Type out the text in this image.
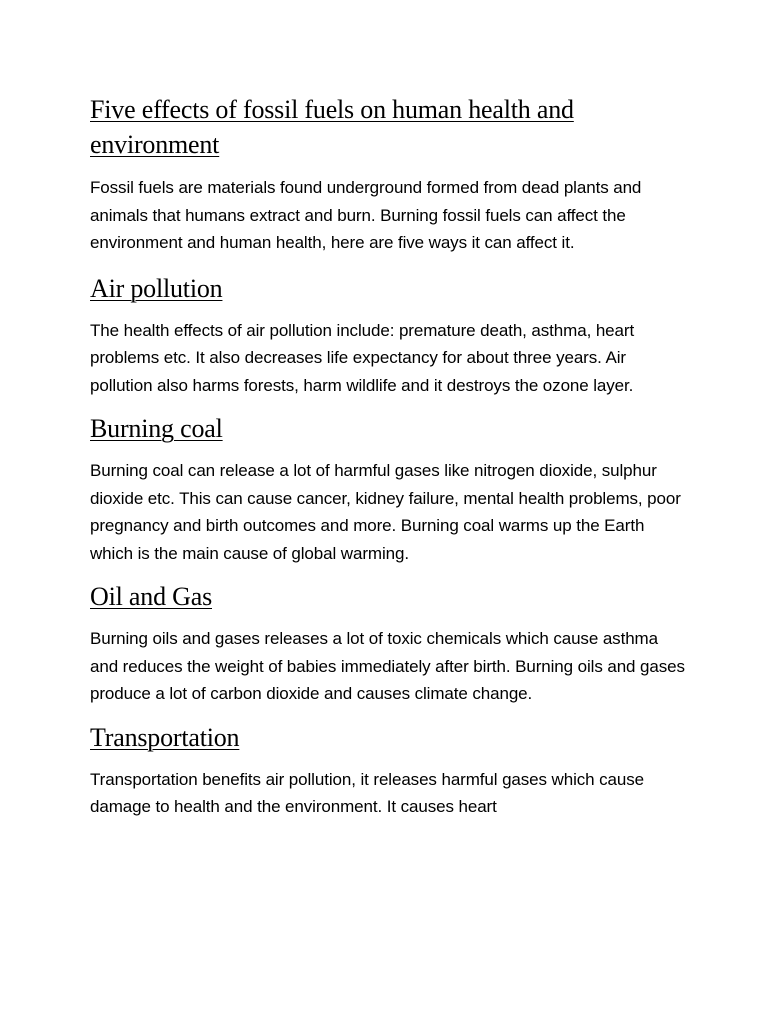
Five effects of fossil fuels on human health and environment

Fossil fuels are materials found underground formed from dead plants and animals that humans extract and burn. Burning fossil fuels can affect the environment and human health, here are five ways it can affect it.

Air pollution

The health effects of air pollution include: premature death, asthma, heart problems etc. It also decreases life expectancy for about three years. Air pollution also harms forests, harm wildlife and it destroys the ozone layer.

Burning coal

Burning coal can release a lot of harmful gases like nitrogen dioxide, sulphur dioxide etc. This can cause cancer, kidney failure, mental health problems, poor pregnancy and birth outcomes and more. Burning coal warms up the Earth which is the main cause of global warming.

Oil and Gas

Burning oils and gases releases a lot of toxic chemicals which cause asthma and reduces the weight of babies immediately after birth. Burning oils and gases produce a lot of carbon dioxide and causes climate change.

Transportation

Transportation benefits air pollution, it releases harmful gases which cause damage to health and the environment. It causes heart
